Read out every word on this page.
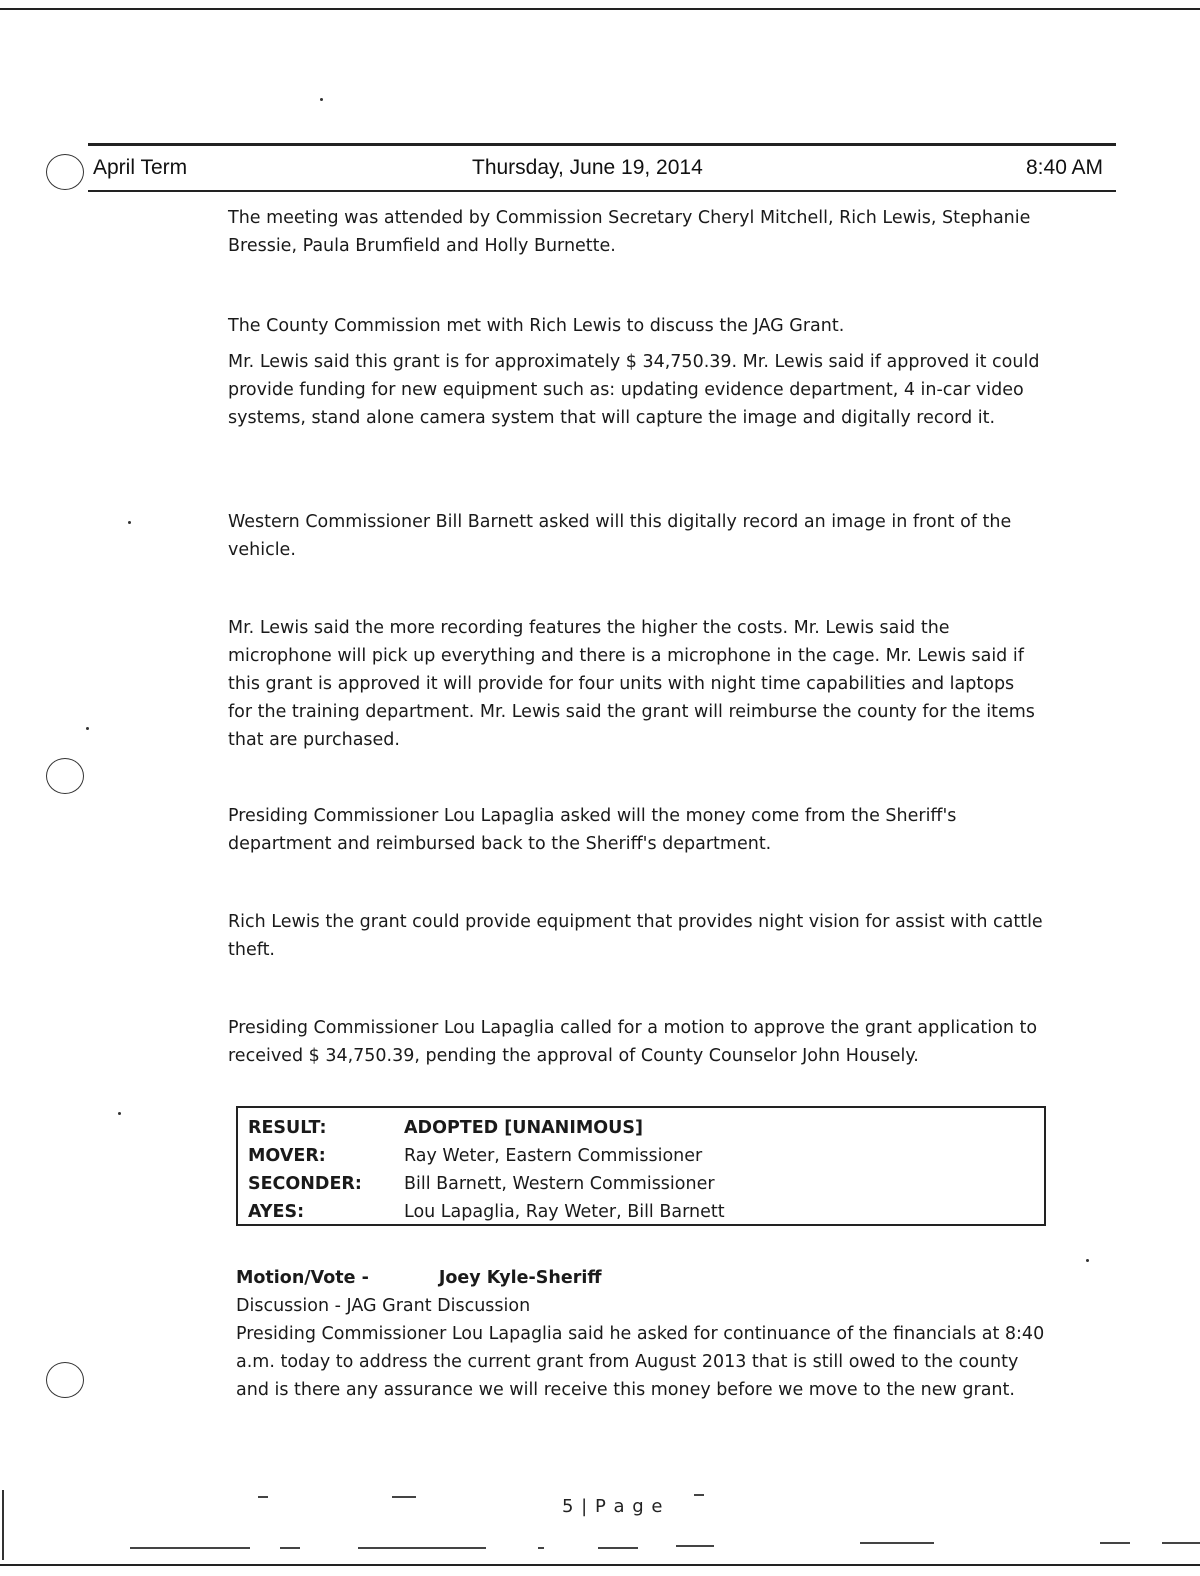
April Term	Thursday, June 19, 2014	8:40 AM

The meeting was attended by Commission Secretary Cheryl Mitchell, Rich Lewis, Stephanie Bressie, Paula Brumfield and Holly Burnette.

The County Commission met with Rich Lewis to discuss the JAG Grant.

Mr. Lewis said this grant is for approximately $ 34,750.39. Mr. Lewis said if approved it could provide funding for new equipment such as: updating evidence department, 4 in-car video systems, stand alone camera system that will capture the image and digitally record it.

Western Commissioner Bill Barnett asked will this digitally record an image in front of the vehicle.

Mr. Lewis said the more recording features the higher the costs. Mr. Lewis said the microphone will pick up everything and there is a microphone in the cage. Mr. Lewis said if this grant is approved it will provide for four units with night time capabilities and laptops for the training department. Mr. Lewis said the grant will reimburse the county for the items that are purchased.

Presiding Commissioner Lou Lapaglia asked will the money come from the Sheriff's department and reimbursed back to the Sheriff's department.

Rich Lewis the grant could provide equipment that provides night vision for assist with cattle theft.

Presiding Commissioner Lou Lapaglia called for a motion to approve the grant application to received $ 34,750.39, pending the approval of County Counselor John Housely.

RESULT:	ADOPTED [UNANIMOUS]
MOVER:	Ray Weter, Eastern Commissioner
SECONDER:	Bill Barnett, Western Commissioner
AYES:	Lou Lapaglia, Ray Weter, Bill Barnett
Motion/Vote -	Joey Kyle-Sheriff
Discussion - JAG Grant Discussion
Presiding Commissioner Lou Lapaglia said he asked for continuance of the financials at 8:40 a.m. today to address the current grant from August 2013 that is still owed to the county and is there any assurance we will receive this money before we move to the new grant.
5 | P a g e
